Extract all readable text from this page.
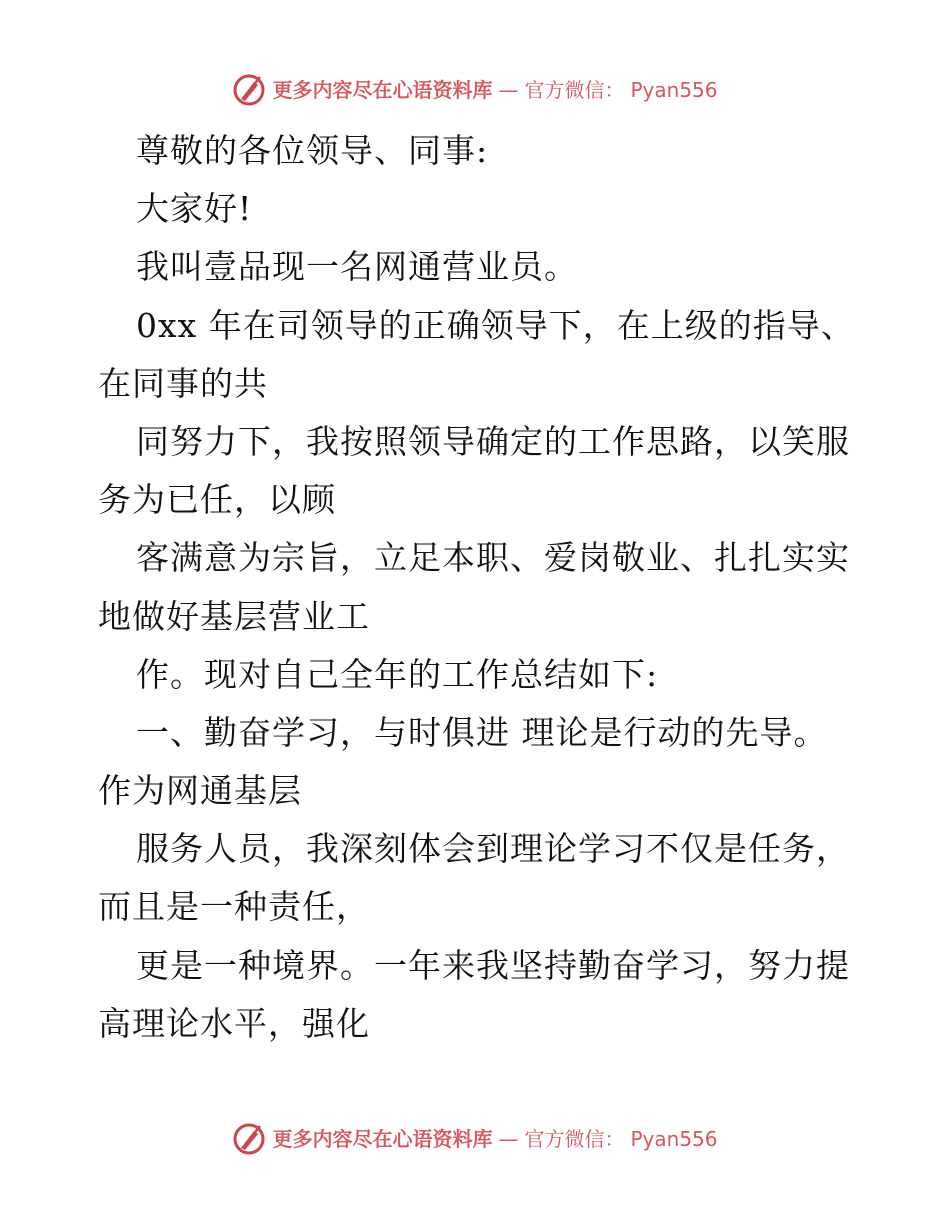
更多内容尽在心语资料库 — 官方微信： Pyan556
尊敬的各位领导、同事:
大家好!
我叫壹品现一名网通营业员。
0xx 年在司领导的正确领导下，在上级的指导、
在同事的共
同努力下，我按照领导确定的工作思路，以笑服
务为已任，以顾
客满意为宗旨，立足本职、爱岗敬业、扎扎实实
地做好基层营业工
作。现对自己全年的工作总结如下:
一、勤奋学习，与时俱进 理论是行动的先导。
作为网通基层
服务人员，我深刻体会到理论学习不仅是任务，
而且是一种责任，
更是一种境界。一年来我坚持勤奋学习，努力提
高理论水平，强化
更多内容尽在心语资料库 — 官方微信： Pyan556
